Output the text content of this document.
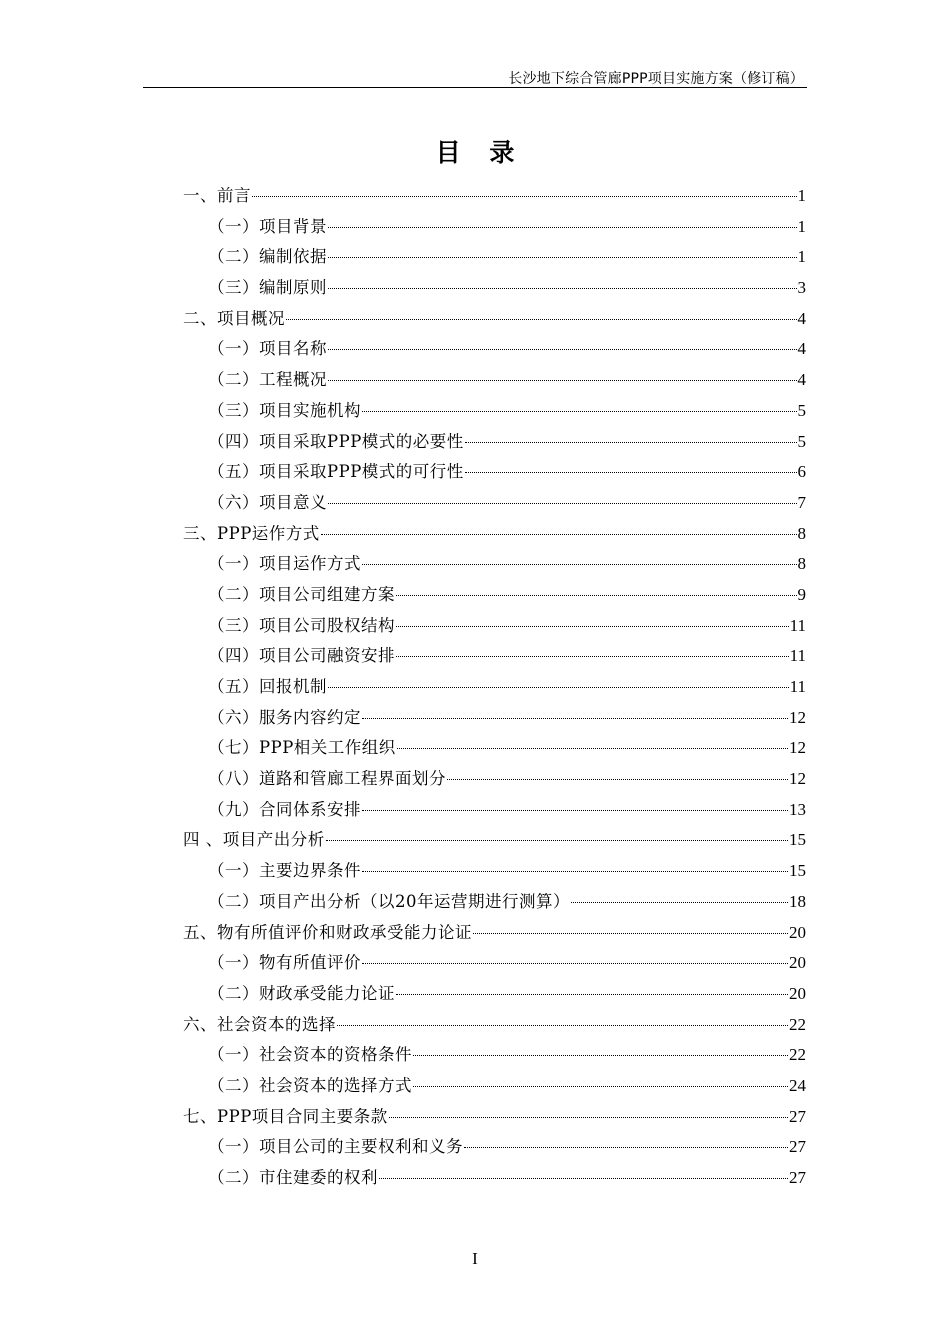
长沙地下综合管廊PPP项目实施方案（修订稿）
目 录
一、前言	1
（一）项目背景	1
（二）编制依据	1
（三）编制原则	3
二、项目概况	4
（一）项目名称	4
（二）工程概况	4
（三）项目实施机构	5
（四）项目采取PPP模式的必要性	5
（五）项目采取PPP模式的可行性	6
（六）项目意义	7
三、PPP运作方式	8
（一）项目运作方式	8
（二）项目公司组建方案	9
（三）项目公司股权结构	11
（四）项目公司融资安排	11
（五）回报机制	11
（六）服务内容约定	12
（七）PPP相关工作组织	12
（八）道路和管廊工程界面划分	12
（九）合同体系安排	13
四 、项目产出分析	15
（一）主要边界条件	15
（二）项目产出分析（以20年运营期进行测算）	18
五、物有所值评价和财政承受能力论证	20
（一）物有所值评价	20
（二）财政承受能力论证	20
六、社会资本的选择	22
（一）社会资本的资格条件	22
（二）社会资本的选择方式	24
七、PPP项目合同主要条款	27
（一）项目公司的主要权利和义务	27
（二）市住建委的权利	27
I
